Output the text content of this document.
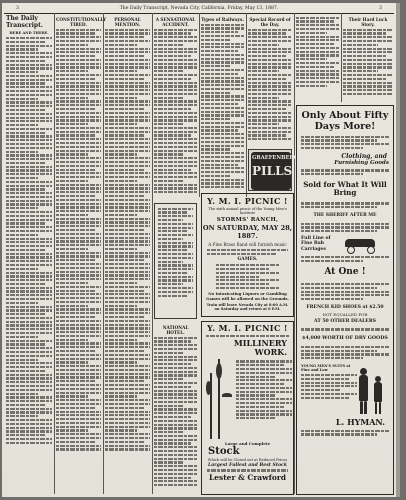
3	The Daily Transcript, Nevada City, California, Friday, May 13, 1887.	3
The Daily Transcript.
HERE AND THERE.
CONSTITUTIONALLY TIRED.
PERSONAL MENTION.
A SENSATIONAL ACCIDENT.
NATIONAL HOTEL.
Types of Railways.	Special Record of the Day.
GRAEFENBERG
PILLS
Their Hard Luck Story.
Only About Fifty Days More!
Clothing, and
Furnishing Goods
Sold for What It Will Bring
THE SHERIFF AFTER ME
Full Line of Fine Bab
Carriages
At One !
FRENCH KID SHOES at $2.50
NOT EQUALLED FOR
AT 50 OTHER DEALERS
$4,000 WORTH OF DRY GOODS
YOUNG MEN'S SUITS at Fine and Low
L. HYMAN.
Y. M. I. PICNIC !
The sixth annual picnic of the Young Men's Institute
STORMS' RANCH,
ON SATURDAY, MAY 28, 1887.
A Fine Brass Band will furnish music
GAMES.
No Intoxicating Liquors or Gambling Games will be allowed on the Grounds.
Train will leave Nevada City at 8:00 A.M. on Saturday and return at 6 P.M.
Y. M. I. PICNIC !
MILLINERY WORK.
Large and Complete
Stock
Which will be Closed out at Reduced Prices
Largest Fullest and Best Stock
Lester & Crawford
